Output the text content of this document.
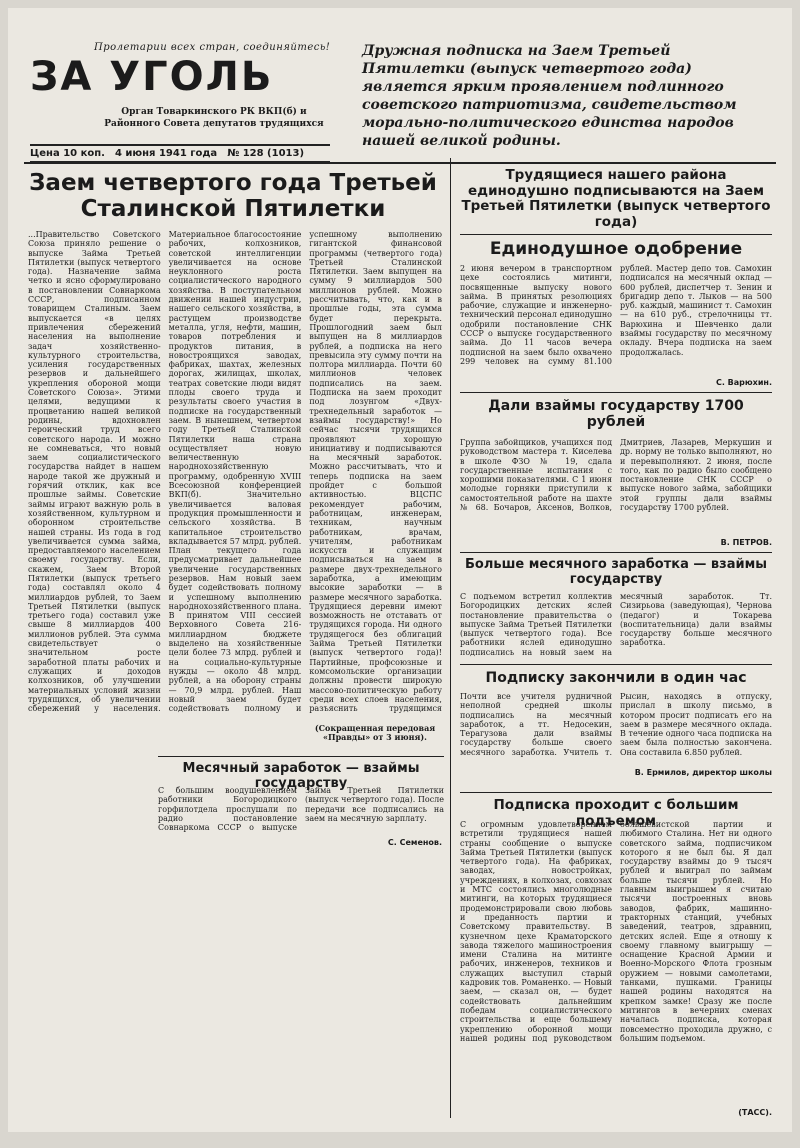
Пролетарии всех стран, соединяйтесь!
ЗА УГОЛЬ
Орган Товаркинского РК ВКП(б) и Районного Совета депутатов трудящихся
Цена 10 коп. 4 июня 1941 года № 128 (1013)
Дружная подписка на Заем Третьей Пятилетки (выпуск четвертого года) является ярким проявлением подлинного советского патриотизма, свидетельством морально-политического единства народов нашей великой родины.
Заем четвертого года Третьей Сталинской Пятилетки
...Правительство Советского Союза приняло решение о выпуске Займа Третьей Пятилетки (выпуск четвертого года). Назначение займа четко и ясно сформулировано в постановлении Совнаркома СССР, подписанном товарищем Сталиным. Заем выпускается «в целях привлечения сбережений населения на выполнение задач хозяйственно-культурного строительства, усиления государственных резервов и дальнейшего укрепления обороной мощи Советского Союза». Этими целями, ведущими к процветанию нашей великой родины, вдохновлен героический труд всего советского народа. И можно не сомневаться, что новый заем социалистического государства найдет в нашем народе такой же дружный и горячий отклик, как все прошлые займы. Советские займы играют важную роль в хозяйственном, культурном и оборонном строительстве нашей страны. Из года в год увеличивается сумма займа, предоставляемого населением своему государству. Если, скажем, Заем Второй Пятилетки (выпуск третьего года) составлял около 4 миллиардов рублей, то Заем Третьей Пятилетки (выпуск третьего года) составил уже свыше 8 миллиардов 400 миллионов рублей. Эта сумма свидетельствует о значительном росте заработной платы рабочих и служащих и доходов колхозников, об улучшении материальных условий жизни трудящихся, об увеличении сбережений у населения. Материальное благосостояние рабочих, колхозников, советской интеллигенции увеличивается на основе неуклонного роста социалистического народного хозяйства. В поступательном движении нашей индустрии, нашего сельского хозяйства, в растущем производстве металла, угля, нефти, машин, товаров потребления и продуктов питания, в новостроящихся заводах, фабриках, шахтах, железных дорогах, жилищах, школах, театрах советские люди видят плоды своего труда и результаты своего участия в подписке на государственный заем. В нынешнем, четвертом году Третьей Сталинской Пятилетки наша страна осуществляет новую величественную народнохозяйственную программу, одобренную XVIII Всесоюзной конференцией ВКП(б). Значительно увеличивается валовая продукция промышленности и сельского хозяйства. В капитальное строительство вкладывается 57 млрд. рублей. План текущего года предусматривает дальнейшее увеличение государственных резервов. Нам новый заем будет содействовать полному и успешному выполнению народнохозяйственного плана. В принятом VIII сессией Верховного Совета 216-миллиардном бюджете выделено на хозяйственные цели более 73 млрд. рублей и на социально-культурные нужды — около 48 млрд. рублей, а на оборону страны — 70,9 млрд. рублей. Наш новый заем будет содействовать полному и успешному выполнению гигантской финансовой программы (четвертого года) Третьей Сталинской Пятилетки. Заем выпущен на сумму 9 миллиардов 500 миллионов рублей. Можно рассчитывать, что, как и в прошлые годы, эта сумма будет перекрыта. Прошлогодний заем был выпущен на 8 миллиардов рублей, а подписка на него превысила эту сумму почти на полтора миллиарда. Почти 60 миллионов человек подписались на заем. Подписка на заем проходит под лозунгом «Двух-трехнедельный заработок — взаймы государству!» Но сейчас тысячи трудящихся проявляют хорошую инициативу и подписываются на месячный заработок. Можно рассчитывать, что и теперь подписка на заем пройдет с большой активностью. ВЦСПС рекомендует рабочим, работницам, инженерам, техникам, научным работникам, врачам, учителям, работникам искусств и служащим подписываться на заем в размере двух-трехнедельного заработка, а имеющим высокие заработки — в размере месячного заработка. Трудящиеся деревни имеют возможность не отставать от трудящихся города. Ни одного трудящегося без облигаций Займа Третьей Пятилетки (выпуск четвертого года)! Партийные, профсоюзные и комсомольские организации должны провести широкую массово-политическую работу среди всех слоев населения, разъяснить трудящимся
(Сокращенная передовая «Правды» от 3 июня).
Месячный заработок — взаймы государству
С большим воодушевлением работники Богородицкого горфилотдела прослушали по радио постановление Совнаркома СССР о выпуске Займа Третьей Пятилетки (выпуск четвертого года). После передачи все подписались на заем на месячную зарплату.
С. Семенов.
Трудящиеся нашего района единодушно подписываются на Заем Третьей Пятилетки (выпуск четвертого года)
Единодушное одобрение
2 июня вечером в транспортном цехе состоялись митинги, посвященные выпуску нового займа. В принятых резолюциях рабочие, служащие и инженерно-технический персонал единодушно одобрили постановление СНК СССР о выпуске государственного займа. До 11 часов вечера подписной на заем было охвачено 299 человек на сумму 81.100 рублей. Мастер депо тов. Самохин подписался на месячный оклад — 600 рублей, диспетчер т. Зенин и бригадир депо т. Лыков — на 500 руб. каждый, машинист т. Самохин — на 610 руб., стрелочницы тт. Варюхина и Шевченко дали взаймы государству по месячному окладу. Вчера подписка на заем продолжалась.
С. Варюхин.
Дали взаймы государству 1700 рублей
Группа забойщиков, учащихся под руководством мастера т. Киселева в школе ФЗО № 19, сдала государственные испытания с хорошими показателями. С 1 июня молодые горняки приступили к самостоятельной работе на шахте № 68. Бочаров, Аксенов, Волков, Дмитриев, Лазарев, Меркушин и др. норму не только выполняют, но и перевыполняют. 2 июня, после того, как по радио было сообщено постановление СНК СССР о выпуске нового займа, забойщики этой группы дали взаймы государству 1700 рублей.
В. ПЕТРОВ.
Больше месячного заработка — взаймы государству
С подъемом встретил коллектив Богородицких детских яслей постановление правительства о выпуске Займа Третьей Пятилетки (выпуск четвертого года). Все работники яслей единодушно подписались на новый заем на месячный заработок. Тт. Сизирьова (заведующая), Чернова (педагог) и Токарева (воспитательница) дали взаймы государству больше месячного заработка.
Подписку закончили в один час
Почти все учителя рудничной неполной средней школы подписались на месячный заработок, а тт. Недосекин, Терагузова дали взаймы государству больше своего месячного заработка. Учитель т. Рысин, находясь в отпуску, прислал в школу письмо, в котором просит подписать его на заем в размере месячного оклада. В течение одного часа подписка на заем была полностью закончена. Она составила 6.850 рублей.
В. Ермилов, директор школы
Подписка проходит с большим подъемом
С огромным удовлетворением встретили трудящиеся нашей страны сообщение о выпуске Займа Третьей Пятилетки (выпуск четвертого года). На фабриках, заводах, новостройках, учреждениях, в колхозах, совхозах и МТС состоялись многолюдные митинги, на которых трудящиеся продемонстрировали свою любовь и преданность партии и Советскому правительству. В кузнечном цехе Краматорского завода тяжелого машиностроения имени Сталина на митинге рабочих, инженеров, техников и служащих выступил старый кадровик тов. Романенко. — Новый заем, — сказал он, — будет содействовать дальнейшим победам социалистического строительства и еще большему укреплению оборонной мощи нашей родины под руководством большевистской партии и любимого Сталина. Нет ни одного советского займа, подписчиком которого я не был бы. Я дал государству взаймы до 9 тысяч рублей и выиграл по займам больше тысячи рублей. Но главным выигрышем я считаю тысячи построенных вновь заводов, фабрик, машинно-тракторных станций, учебных заведений, театров, здравниц, детских яслей. Еще я отношу к своему главному выигрышу — оснащение Красной Армии и Военно-Морского Флота грозным оружием — новыми самолетами, танками, пушками. Границы нашей родины находятся на крепком замке! Сразу же после митингов в вечерних сменах началась подписка, которая повсеместно проходила дружно, с большим подъемом.
(ТАСС).
